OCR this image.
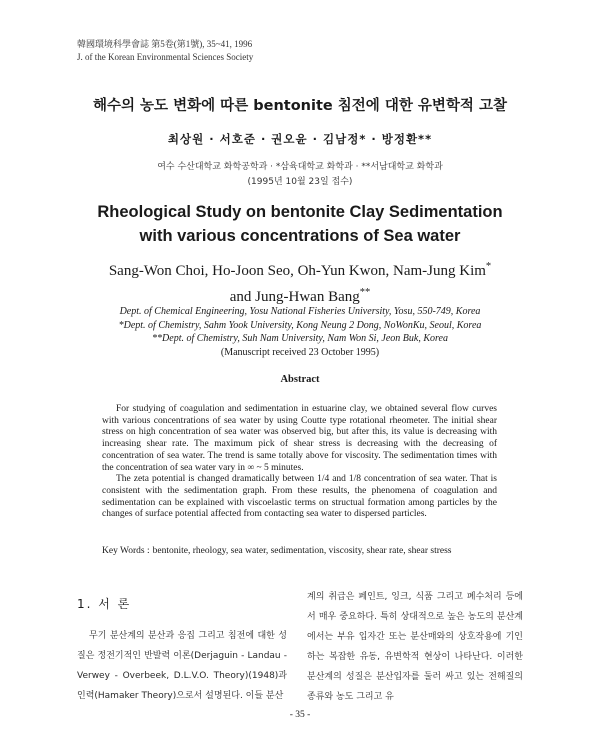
韓國環境科學會誌 第5卷(第1號), 35~41, 1996
J. of the Korean Environmental Sciences Society
해수의 농도 변화에 따른 bentonite 침전에 대한 유변학적 고찰
최상원 · 서호준 · 권오윤 · 김남정* · 방정환**
여수 수산대학교 화학공학과 · *삼육대학교 화학과 · **서남대학교 화학과
(1995년 10월 23일 접수)
Rheological Study on bentonite Clay Sedimentation
with various concentrations of Sea water
Sang-Won Choi, Ho-Joon Seo, Oh-Yun Kwon, Nam-Jung Kim*
and Jung-Hwan Bang**
Dept. of Chemical Engineering, Yosu National Fisheries University, Yosu, 550-749, Korea
*Dept. of Chemistry, Sahm Yook University, Kong Neung 2 Dong, NoWonKu, Seoul, Korea
**Dept. of Chemistry, Suh Nam University, Nam Won Si, Jeon Buk, Korea
(Manuscript received 23 October 1995)
Abstract

For studying of coagulation and sedimentation in estuarine clay, we obtained several flow curves with various concentrations of sea water by using Coutte type rotational rheometer. The initial shear stress on high concentration of sea water was observed big, but after this, its value is decreasing with increasing shear rate. The maximum pick of shear stress is decreasing with the decreasing of concentration of sea water. The trend is same totally above for viscosity. The sedimentation times with the concentration of sea water vary in ∞ ~ 5 minutes.

The zeta potential is changed dramatically between 1/4 and 1/8 concentration of sea water. That is consistent with the sedimentation graph. From these results, the phenomena of coagulation and sedimentation can be explained with viscoelastic terms on structual formation among particles by the changes of surface potential affected from contacting sea water to dispersed particles.

Key Words : bentonite, rheology, sea water, sedimentation, viscosity, shear rate, shear stress
1. 서 론

무기 분산계의 분산과 응집 그리고 침전에 대한 성질은 정전기적인 반발력 이론(Derjaguin - Landau - Verwey - Overbeek, D.L.V.O. Theory)(1948)과 인력(Hamaker Theory)으로서 설명된다. 이들 분산

계의 취급은 페인트, 잉크, 식품 그리고 폐수처리 등에서 매우 중요하다. 특히 상대적으로 높은 농도의 분산계에서는 부유 입자간 또는 분산매와의 상호작용에 기인하는 복잡한 유동, 유변학적 현상이 나타난다. 이러한 분산계의 성질은 분산입자를 둘러 싸고 있는 전해질의 종류와 농도 그리고 유

- 35 -
